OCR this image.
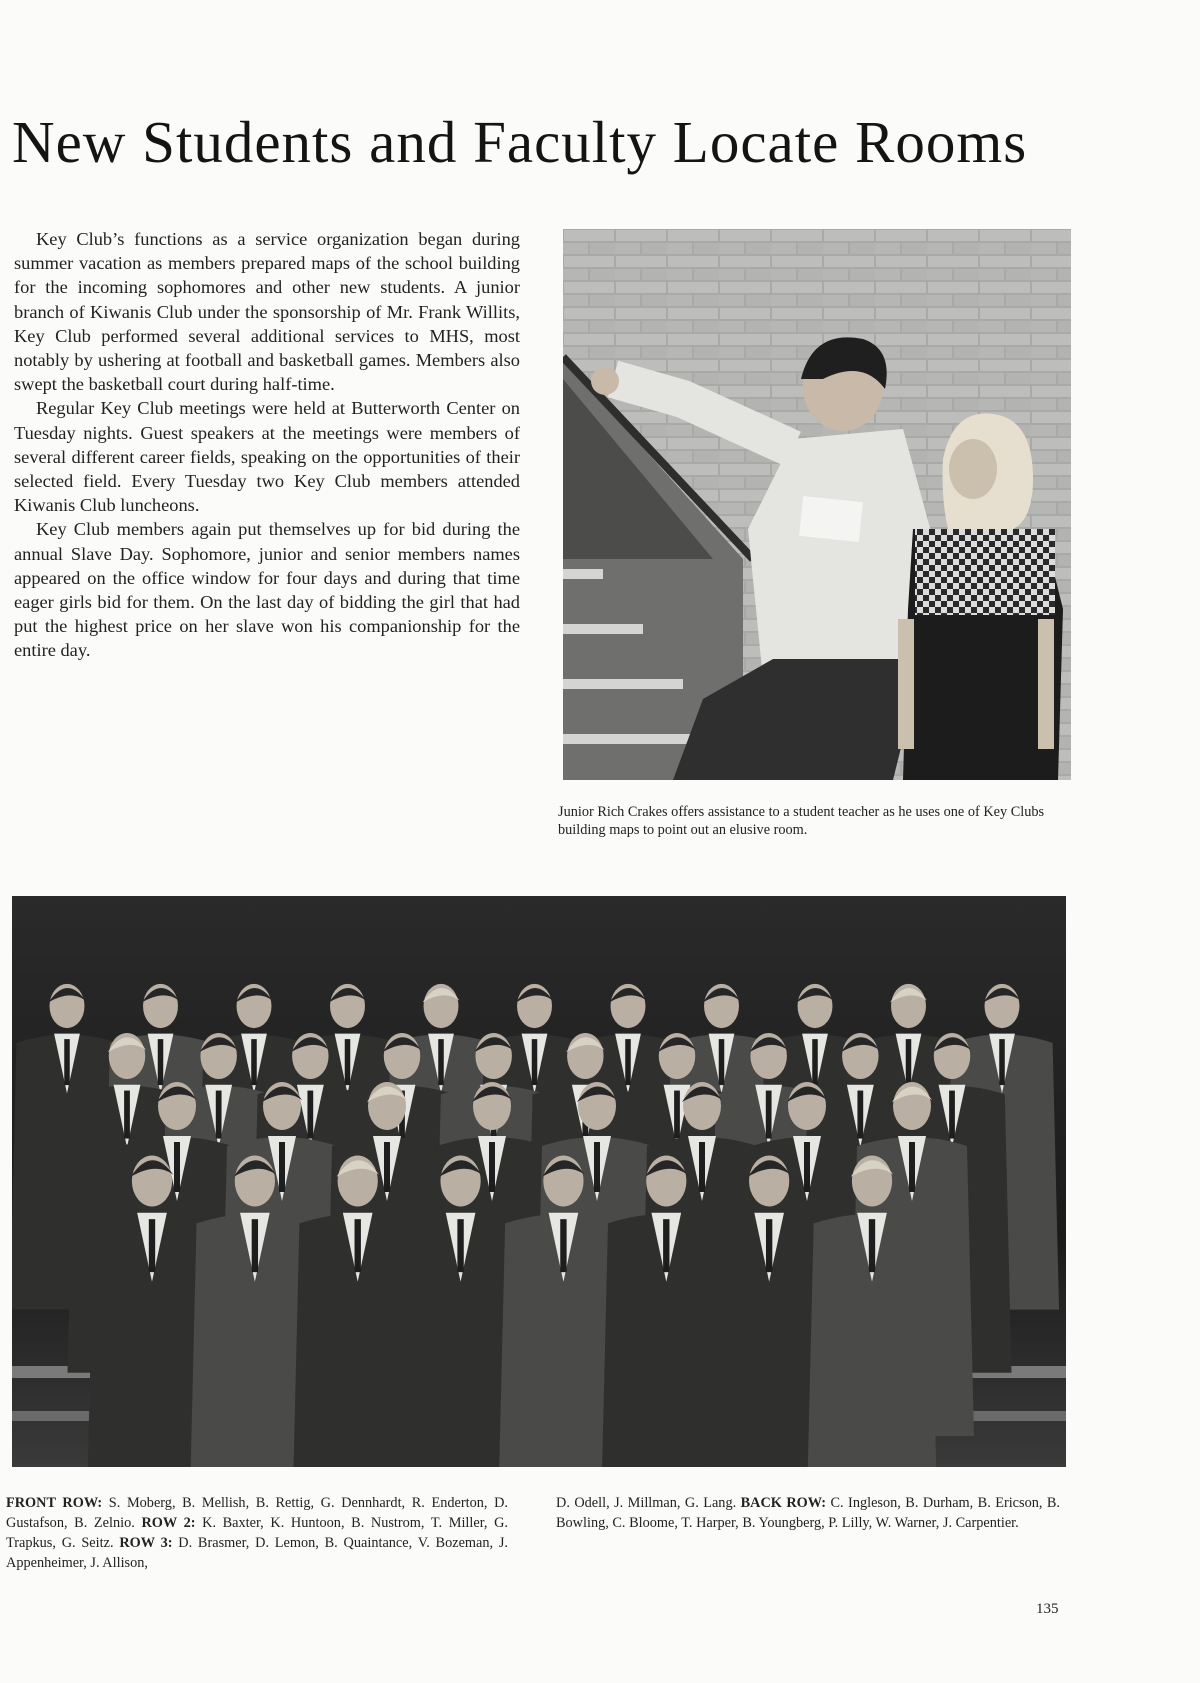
New Students and Faculty Locate Rooms

Key Club’s functions as a service organization began during summer vacation as members prepared maps of the school building for the incoming sophomores and other new students. A junior branch of Kiwanis Club under the sponsorship of Mr. Frank Willits, Key Club performed several additional services to MHS, most notably by ushering at football and basketball games. Members also swept the basketball court during half-time.

Regular Key Club meetings were held at Butterworth Center on Tuesday nights. Guest speakers at the meetings were members of several different career fields, speaking on the opportunities of their selected field. Every Tuesday two Key Club members attended Kiwanis Club luncheons.

Key Club members again put themselves up for bid during the annual Slave Day. Sophomore, junior and senior members names appeared on the office window for four days and during that time eager girls bid for them. On the last day of bidding the girl that had put the highest price on her slave won his companionship for the entire day.

Junior Rich Crakes offers assistance to a student teacher as he uses one of Key Clubs building maps to point out an elusive room.
FRONT ROW: S. Moberg, B. Mellish, B. Rettig, G. Dennhardt, R. Enderton, D. Gustafson, B. Zelnio. ROW 2: K. Baxter, K. Huntoon, B. Nustrom, T. Miller, G. Trapkus, G. Seitz. ROW 3: D. Brasmer, D. Lemon, B. Quaintance, V. Bozeman, J. Appenheimer, J. Allison,
D. Odell, J. Millman, G. Lang. BACK ROW: C. Ingleson, B. Durham, B. Ericson, B. Bowling, C. Bloome, T. Harper, B. Youngberg, P. Lilly, W. Warner, J. Carpentier.
135
